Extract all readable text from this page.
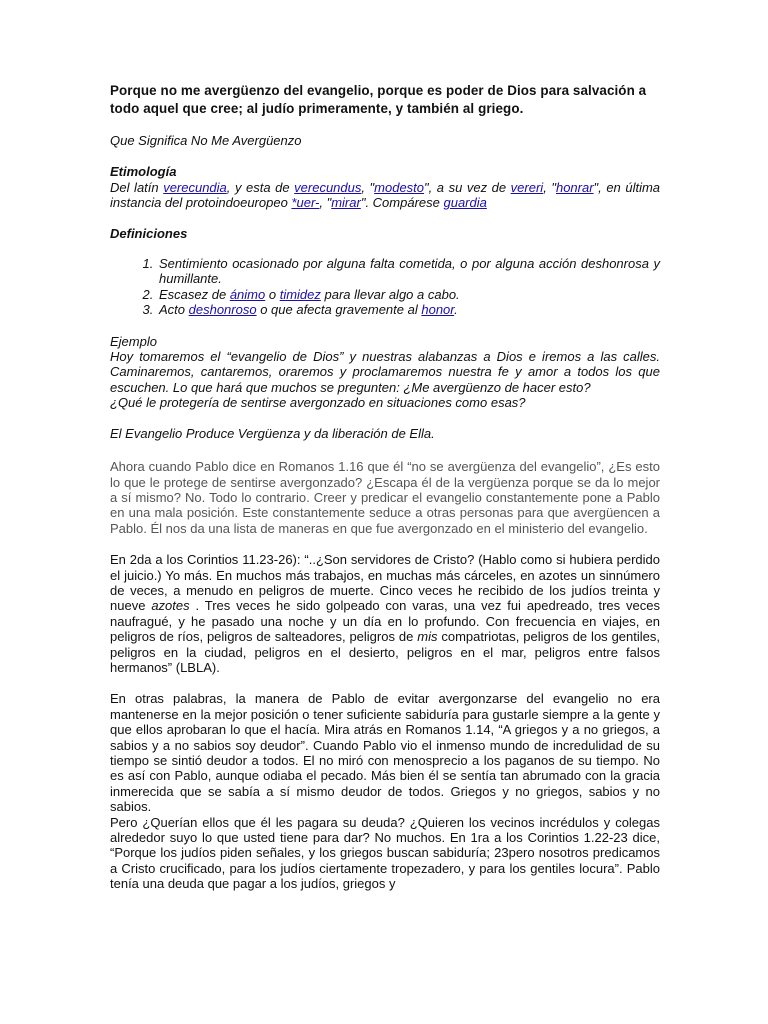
Porque no me avergüenzo del evangelio, porque es poder de Dios para salvación a todo aquel que cree; al judío primeramente, y también al griego.
Que Significa No Me Avergüenzo
Etimología
Del latín verecundia, y esta de verecundus, "modesto", a su vez de vereri, "honrar", en última instancia del protoindoeuropeo *uer-, "mirar". Compárese guardia
Definiciones
1. Sentimiento ocasionado por alguna falta cometida, o por alguna acción deshonrosa y humillante.
2. Escasez de ánimo o timidez para llevar algo a cabo.
3. Acto deshonroso o que afecta gravemente al honor.
Ejemplo
Hoy tomaremos el “evangelio de Dios” y nuestras alabanzas a Dios e iremos a las calles. Caminaremos, cantaremos, oraremos y proclamaremos nuestra fe y amor a todos los que escuchen. Lo que hará que muchos se pregunten: ¿Me avergüenzo de hacer esto?
¿Qué le protegería de sentirse avergonzado en situaciones como esas?
El Evangelio Produce Vergüenza y da liberación de Ella.

Ahora cuando Pablo dice en Romanos 1.16 que él “no se avergüenza del evangelio”, ¿Es esto lo que le protege de sentirse avergonzado? ¿Escapa él de la vergüenza porque se da lo mejor a sí mismo? No. Todo lo contrario. Creer y predicar el evangelio constantemente pone a Pablo en una mala posición. Este constantemente seduce a otras personas para que avergüencen a Pablo. Él nos da una lista de maneras en que fue avergonzado en el ministerio del evangelio.

En 2da a los Corintios 11.23-26): “..¿Son servidores de Cristo? (Hablo como si hubiera perdido el juicio.) Yo más. En muchos más trabajos, en muchas más cárceles, en azotes un sinnúmero de veces, a menudo en peligros de muerte. Cinco veces he recibido de los judíos treinta y nueve azotes . Tres veces he sido golpeado con varas, una vez fui apedreado, tres veces naufragué, y he pasado una noche y un día en lo profundo. Con frecuencia en viajes, en peligros de ríos, peligros de salteadores, peligros de mis compatriotas, peligros de los gentiles, peligros en la ciudad, peligros en el desierto, peligros en el mar, peligros entre falsos hermanos” (LBLA).

En otras palabras, la manera de Pablo de evitar avergonzarse del evangelio no era mantenerse en la mejor posición o tener suficiente sabiduría para gustarle siempre a la gente y que ellos aprobaran lo que el hacía. Mira atrás en Romanos 1.14, “A griegos y a no griegos, a sabios y a no sabios soy deudor”. Cuando Pablo vio el inmenso mundo de incredulidad de su tiempo se sintió deudor a todos. El no miró con menosprecio a los paganos de su tiempo. No es así con Pablo, aunque odiaba el pecado. Más bien él se sentía tan abrumado con la gracia inmerecida que se sabía a sí mismo deudor de todos. Griegos y no griegos, sabios y no sabios.

Pero ¿Querían ellos que él les pagara su deuda? ¿Quieren los vecinos incrédulos y colegas alrededor suyo lo que usted tiene para dar? No muchos. En 1ra a los Corintios 1.22-23 dice, “Porque los judíos piden señales, y los griegos buscan sabiduría; 23pero nosotros predicamos a Cristo crucificado, para los judíos ciertamente tropezadero, y para los gentiles locura”. Pablo tenía una deuda que pagar a los judíos, griegos y
